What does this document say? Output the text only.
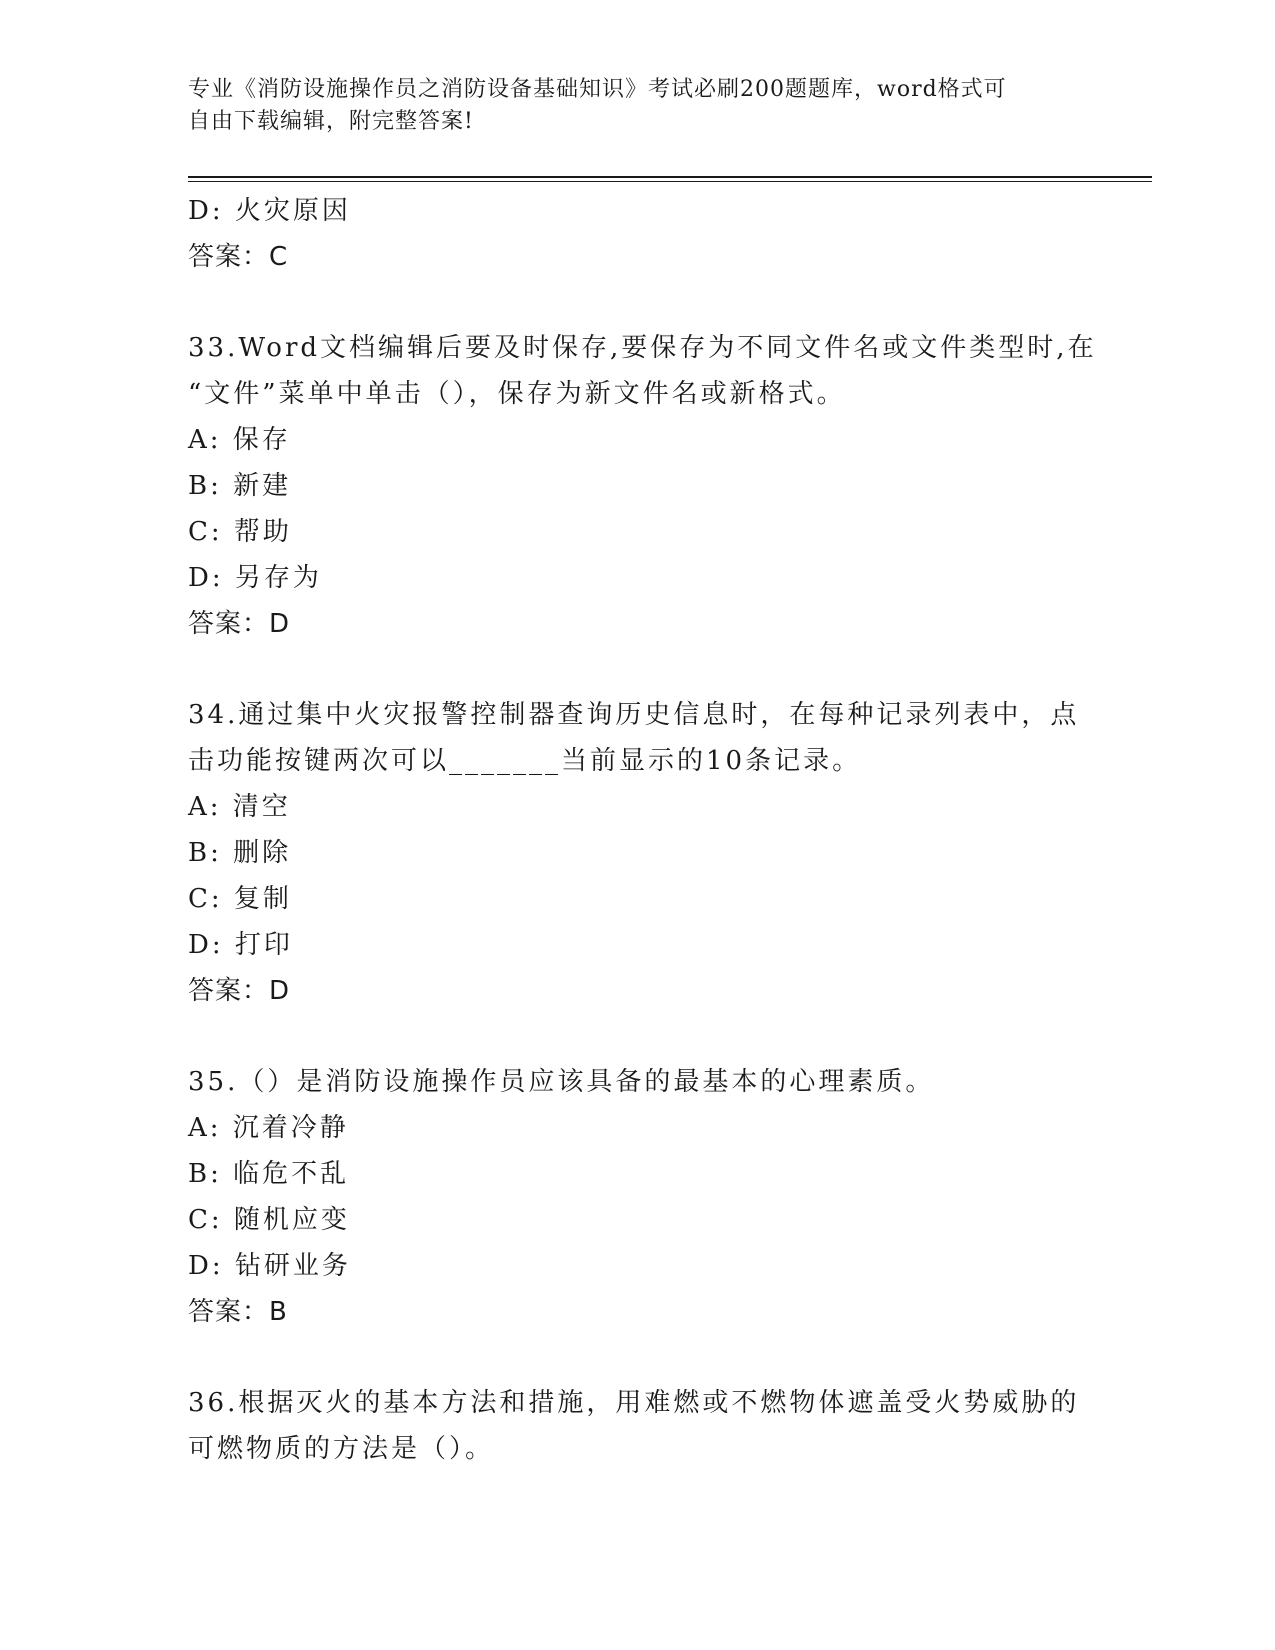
专业《消防设施操作员之消防设备基础知识》考试必刷200题题库，word格式可
自由下载编辑，附完整答案!
D: 火灾原因
答案：C
33.Word文档编辑后要及时保存,要保存为不同文件名或文件类型时,在
“文件”菜单中单击（），保存为新文件名或新格式。
A: 保存
B: 新建
C: 帮助
D: 另存为
答案：D
34.通过集中火灾报警控制器查询历史信息时，在每种记录列表中，点
击功能按键两次可以_______当前显示的10条记录。
A: 清空
B: 删除
C: 复制
D: 打印
答案：D
35.（）是消防设施操作员应该具备的最基本的心理素质。
A: 沉着冷静
B: 临危不乱
C: 随机应变
D: 钻研业务
答案：B
36.根据灭火的基本方法和措施，用难燃或不燃物体遮盖受火势威胁的
可燃物质的方法是（）。
